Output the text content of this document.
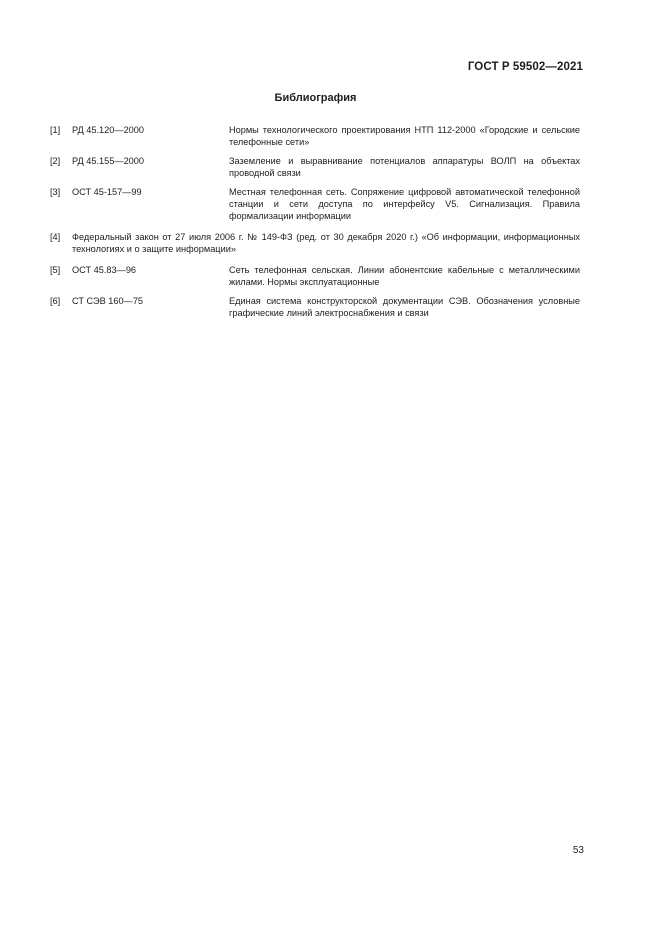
ГОСТ Р 59502—2021
Библиография
[1] РД 45.120—2000	Нормы технологического проектирования НТП 112-2000 «Городские и сельские телефонные сети»
[2] РД 45.155—2000	Заземление и выравнивание потенциалов аппаратуры ВОЛП на объектах проводной связи
[3] ОСТ 45-157—99	Местная телефонная сеть. Сопряжение цифровой автоматической телефонной станции и сети доступа по интерфейсу V5. Сигнализация. Правила формализации информации
[4] Федеральный закон от 27 июля 2006 г. № 149-ФЗ (ред. от 30 декабря 2020 г.) «Об информации, информационных технологиях и о защите информации»
[5] ОСТ 45.83—96	Сеть телефонная сельская. Линии абонентские кабельные с металлическими жилами. Нормы эксплуатационные
[6] СТ СЭВ 160—75	Единая система конструкторской документации СЭВ. Обозначения условные графические линий электроснабжения и связи
53
